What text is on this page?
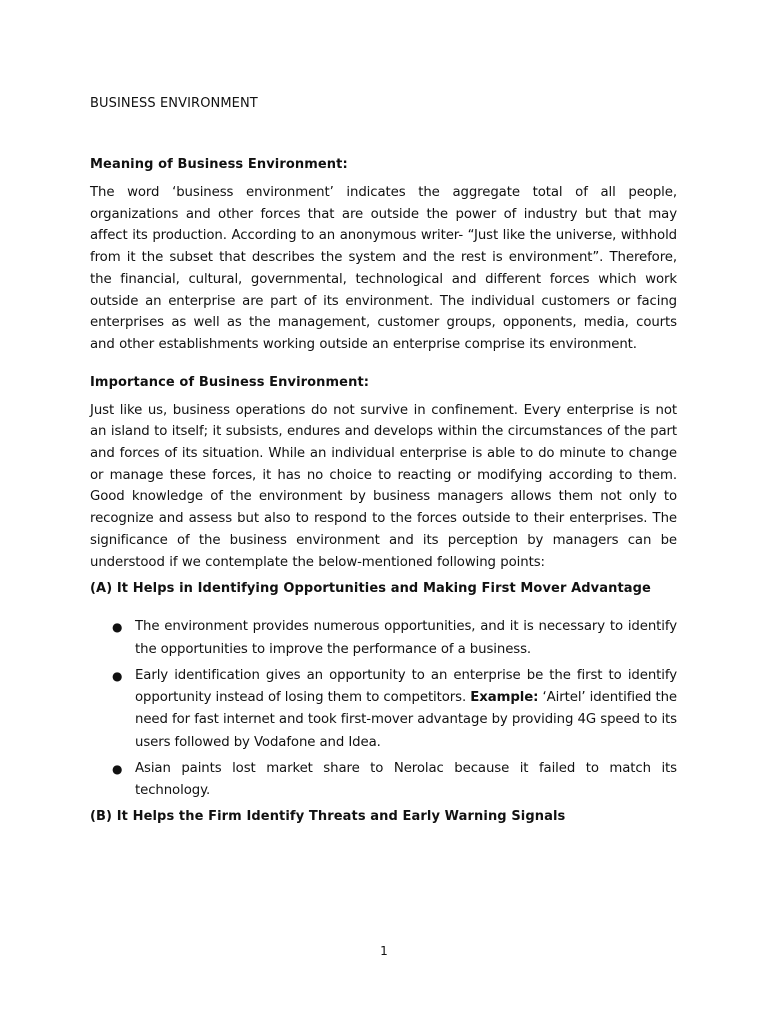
BUSINESS ENVIRONMENT

Meaning of Business Environment:

The word ‘business environment’ indicates the aggregate total of all people, organizations and other forces that are outside the power of industry but that may affect its production. According to an anonymous writer- “Just like the universe, withhold from it the subset that describes the system and the rest is environment”. Therefore, the financial, cultural, governmental, technological and different forces which work outside an enterprise are part of its environment. The individual customers or facing enterprises as well as the management, customer groups, opponents, media, courts and other establishments working outside an enterprise comprise its environment.

Importance of Business Environment:

Just like us, business operations do not survive in confinement. Every enterprise is not an island to itself; it subsists, endures and develops within the circumstances of the part and forces of its situation. While an individual enterprise is able to do minute to change or manage these forces, it has no choice to reacting or modifying according to them. Good knowledge of the environment by business managers allows them not only to recognize and assess but also to respond to the forces outside to their enterprises. The significance of the business environment and its perception by managers can be understood if we contemplate the below-mentioned following points:

(A) It Helps in Identifying Opportunities and Making First Mover Advantage

● The environment provides numerous opportunities, and it is necessary to identify the opportunities to improve the performance of a business.
● Early identification gives an opportunity to an enterprise be the first to identify opportunity instead of losing them to competitors. Example: ‘Airtel’ identified the need for fast internet and took first-mover advantage by providing 4G speed to its users followed by Vodafone and Idea.
● Asian paints lost market share to Nerolac because it failed to match its technology.

(B) It Helps the Firm Identify Threats and Early Warning Signals

1
